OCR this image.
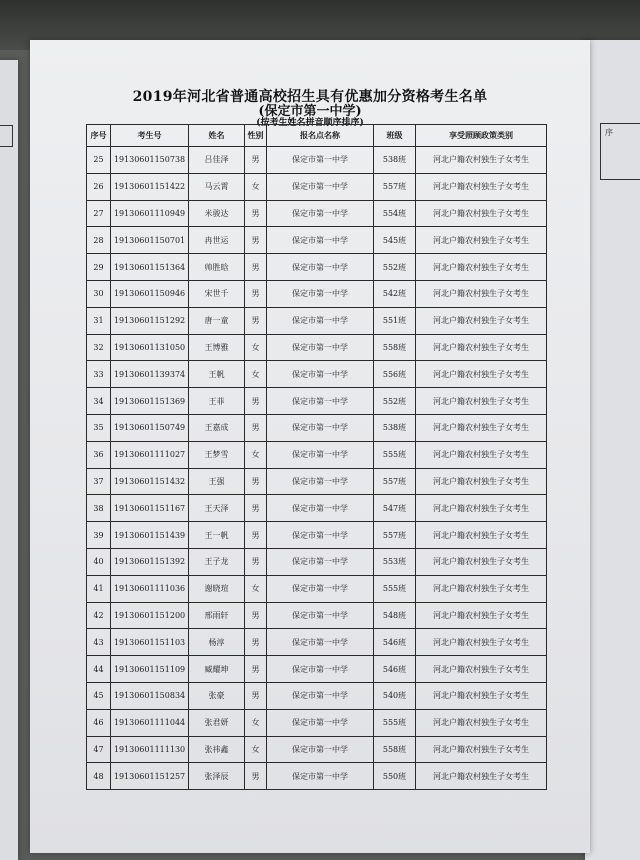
序
2019年河北省普通高校招生具有优惠加分资格考生名单
(保定市第一中学)
(按考生姓名拼音顺序排序)
序号	考生号	姓名	性别	报名点名称	班级	享受照顾政策类别
25	19130601150738	吕佳泽	男	保定市第一中学	538班	河北户籍农村独生子女考生
26	19130601151422	马云霄	女	保定市第一中学	557班	河北户籍农村独生子女考生
27	19130601110949	米骏达	男	保定市第一中学	554班	河北户籍农村独生子女考生
28	19130601150701	冉世运	男	保定市第一中学	545班	河北户籍农村独生子女考生
29	19130601151364	帅胜晗	男	保定市第一中学	552班	河北户籍农村独生子女考生
30	19130601150946	宋世千	男	保定市第一中学	542班	河北户籍农村独生子女考生
31	19130601151292	唐一童	男	保定市第一中学	551班	河北户籍农村独生子女考生
32	19130601131050	王博雅	女	保定市第一中学	558班	河北户籍农村独生子女考生
33	19130601139374	王帆	女	保定市第一中学	556班	河北户籍农村独生子女考生
34	19130601151369	王菲	男	保定市第一中学	552班	河北户籍农村独生子女考生
35	19130601150749	王嘉成	男	保定市第一中学	538班	河北户籍农村独生子女考生
36	19130601111027	王梦雪	女	保定市第一中学	555班	河北户籍农村独生子女考生
37	19130601151432	王强	男	保定市第一中学	557班	河北户籍农村独生子女考生
38	19130601151167	王天泽	男	保定市第一中学	547班	河北户籍农村独生子女考生
39	19130601151439	王一帆	男	保定市第一中学	557班	河北户籍农村独生子女考生
40	19130601151392	王子龙	男	保定市第一中学	553班	河北户籍农村独生子女考生
41	19130601111036	谢晓瑄	女	保定市第一中学	555班	河北户籍农村独生子女考生
42	19130601151200	邢雨轩	男	保定市第一中学	548班	河北户籍农村独生子女考生
43	19130601151103	杨淳	男	保定市第一中学	546班	河北户籍农村独生子女考生
44	19130601151109	臧耀坤	男	保定市第一中学	546班	河北户籍农村独生子女考生
45	19130601150834	张豪	男	保定市第一中学	540班	河北户籍农村独生子女考生
46	19130601111044	张君妍	女	保定市第一中学	555班	河北户籍农村独生子女考生
47	19130601111130	张祎鑫	女	保定市第一中学	558班	河北户籍农村独生子女考生
48	19130601151257	张泽辰	男	保定市第一中学	550班	河北户籍农村独生子女考生
